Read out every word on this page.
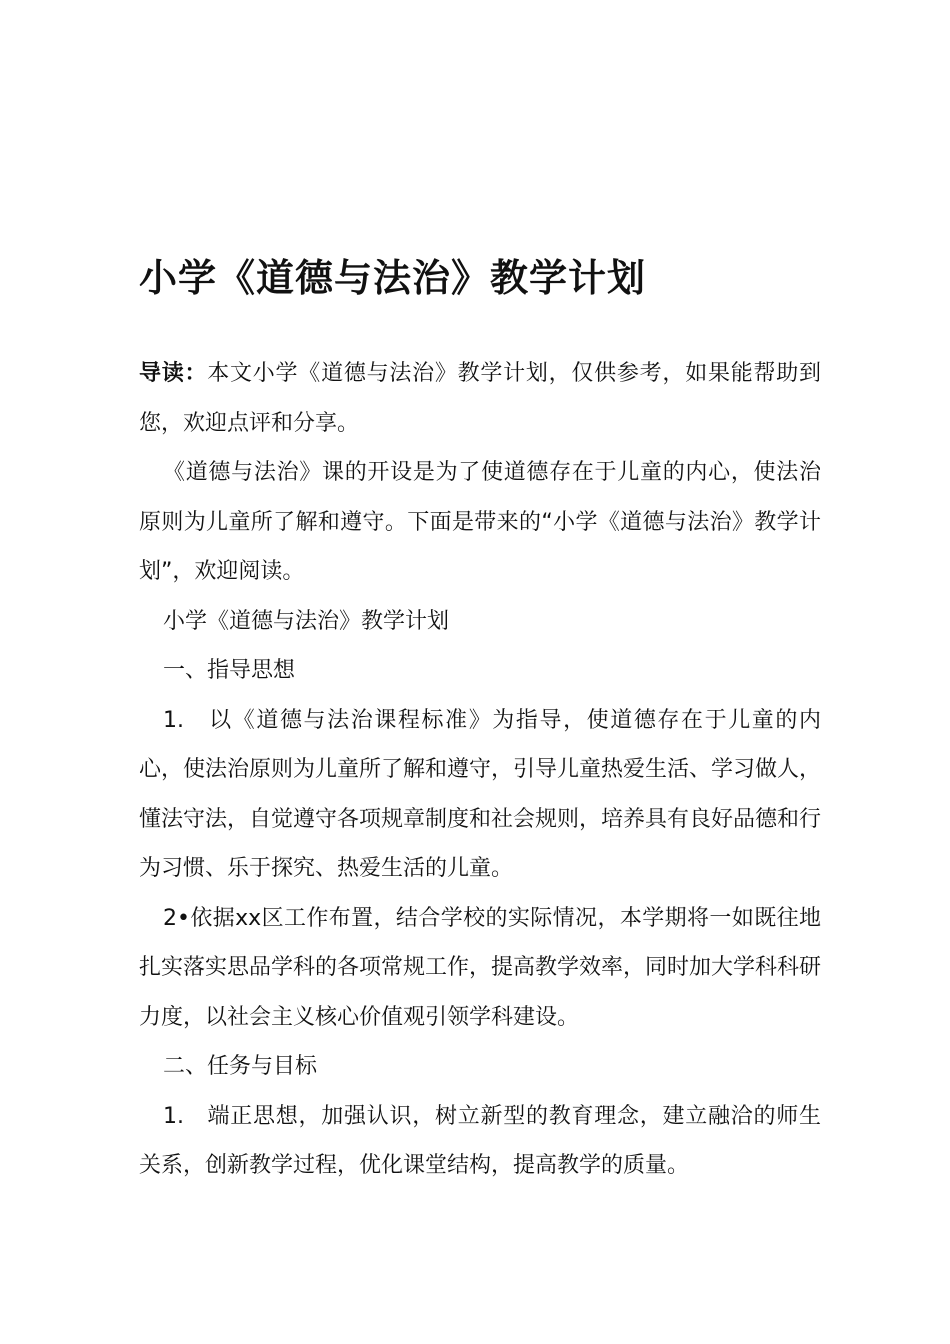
小学《道德与法治》教学计划

导读：本文小学《道德与法治》教学计划，仅供参考，如果能帮助到您，欢迎点评和分享。

《道德与法治》课的开设是为了使道德存在于儿童的内心，使法治原则为儿童所了解和遵守。下面是带来的“小学《道德与法治》教学计划”，欢迎阅读。

小学《道德与法治》教学计划

一、指导思想

1.　以《道德与法治课程标准》为指导，使道德存在于儿童的内心，使法治原则为儿童所了解和遵守，引导儿童热爱生活、学习做人，懂法守法，自觉遵守各项规章制度和社会规则，培养具有良好品德和行为习惯、乐于探究、热爱生活的儿童。

2•依据xx区工作布置，结合学校的实际情况，本学期将一如既往地扎实落实思品学科的各项常规工作，提高教学效率，同时加大学科科研力度，以社会主义核心价值观引领学科建设。

二、任务与目标

1.　端正思想，加强认识，树立新型的教育理念，建立融洽的师生关系，创新教学过程，优化课堂结构，提高教学的质量。
